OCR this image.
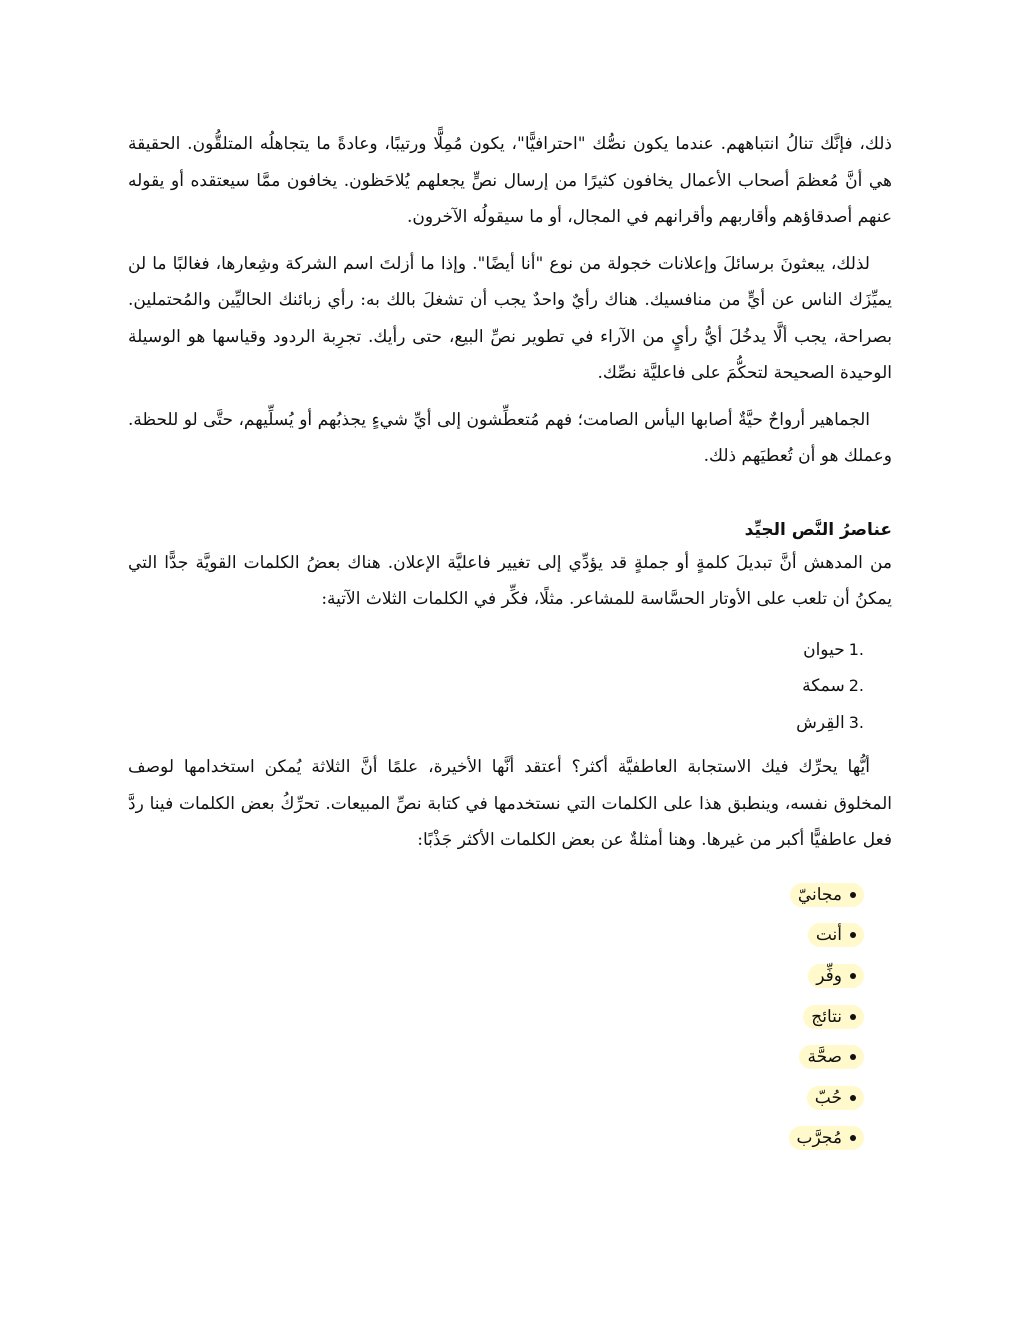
ذلك، فإنَّك تنالُ انتباههم. عندما يكون نصُّك "احترافيًّا"، يكون مُمِلًّا ورتيبًا، وعادةً ما يتجاهلُه المتلقُّون. الحقيقة هي أنَّ مُعظمَ أصحاب الأعمال يخافون كثيرًا من إرسال نصٍّ يجعلهم يُلاحَظون. يخافون ممَّا سيعتقده أو يقوله عنهم أصدقاؤهم وأقاربهم وأقرانهم في المجال، أو ما سيقولُه الآخرون.

لذلك، يبعثونَ برسائلَ وإعلانات خجولة من نوع "أنا أيضًا". وإذا ما أزلتَ اسم الشركة وشِعارها، فغالبًا ما لن يميِّزَك الناس عن أيٍّ من منافسيك. هناك رأيٌ واحدٌ يجب أن تشغلَ بالك به: رأي زبائنك الحاليِّين والمُحتملين. بصراحة، يجب ألَّا يدخُلَ أيُّ رأيٍ من الآراء في تطوير نصِّ البيع، حتى رأيك. تجرِبة الردود وقياسها هو الوسيلة الوحيدة الصحيحة لتحكُّمَ على فاعليَّة نصِّك.

الجماهير أرواحٌ حيَّةٌ أصابها اليأس الصامت؛ فهم مُتعطِّشون إلى أيِّ شيءٍ يجذبُهم أو يُسلِّيهم، حتَّى لو للحظة. وعملك هو أن تُعطيَهم ذلك.

عناصرُ النَّص الجيِّد

من المدهش أنَّ تبديلَ كلمةٍ أو جملةٍ قد يؤدِّي إلى تغيير فاعليَّة الإعلان. هناك بعضُ الكلمات القويَّة جدًّا التي يمكنُ أن تلعب على الأوتار الحسَّاسة للمشاعر. مثلًا، فكِّر في الكلمات الثلاث الآتية:

1.
حيوان
2.
سمكة
3.
القِرش

أيُّها يحرِّك فيك الاستجابة العاطفيَّة أكثر؟ أعتقد أنَّها الأخيرة، علمًا أنَّ الثلاثة يُمكن استخدامها لوصف المخلوق نفسه، وينطبق هذا على الكلمات التي نستخدمها في كتابة نصِّ المبيعات. تحرِّكُ بعض الكلمات فينا ردَّ فعل عاطفيًّا أكبر من غيرها. وهنا أمثلةٌ عن بعض الكلمات الأكثر جَذْبًا:

مجانيّ
أنت
وفِّر
نتائج
صحَّة
حُبّ
مُجرَّب
